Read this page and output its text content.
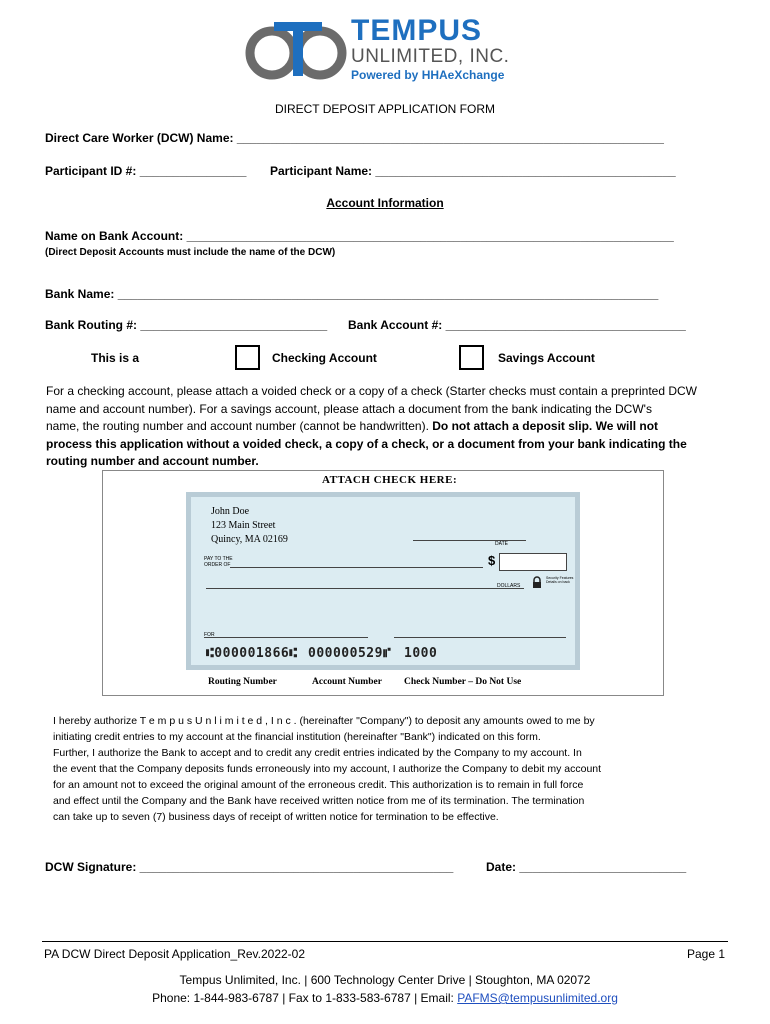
TEMPUS
UNLIMITED, INC.
Powered by HHAeXchange
DIRECT DEPOSIT APPLICATION FORM
Direct Care Worker (DCW) Name: ________________________________________________________________
Participant ID #: ________________ Participant Name: _____________________________________________
Account Information
Name on Bank Account: _________________________________________________________________________
(Direct Deposit Accounts must include the name of the DCW)
Bank Name: _________________________________________________________________________________
Bank Routing #: ____________________________ Bank Account #: ____________________________________
This is a	Checking Account	Savings Account
For a checking account, please attach a voided check or a copy of a check (Starter checks must contain a preprinted DCW
name and account number). For a savings account, please attach a document from the bank indicating the DCW's
name, the routing number and account number (cannot be handwritten). Do not attach a deposit slip. We will not
process this application without a voided check, a copy of a check, or a document from your bank indicating the
routing number and account number.
ATTACH CHECK HERE:
John Doe
123 Main Street
Quincy, MA 02169	DATE
PAY TO THE
ORDER OF	$
DOLLARS
Security Features Details on back
FOR
⑆000001866⑆ 000000529⑈ 1000
Routing Number	Account Number Check Number – Do Not Use
I hereby authorize T e m p u s U n l i m i t e d , I n c . (hereinafter "Company") to deposit any amounts owed to me by
initiating credit entries to my account at the financial institution (hereinafter "Bank") indicated on this form.
Further, I authorize the Bank to accept and to credit any credit entries indicated by the Company to my account. In
the event that the Company deposits funds erroneously into my account, I authorize the Company to debit my account
for an amount not to exceed the original amount of the erroneous credit. This authorization is to remain in full force
and effect until the Company and the Bank have received written notice from me of its termination. The termination
can take up to seven (7) business days of receipt of written notice for termination to be effective.
DCW Signature: _______________________________________________	Date: _________________________
PA DCW Direct Deposit Application_Rev.2022-02	Page 1
Tempus Unlimited, Inc. | 600 Technology Center Drive | Stoughton, MA 02072
Phone: 1-844-983-6787 | Fax to 1-833-583-6787 | Email: PAFMS@tempusunlimited.org
